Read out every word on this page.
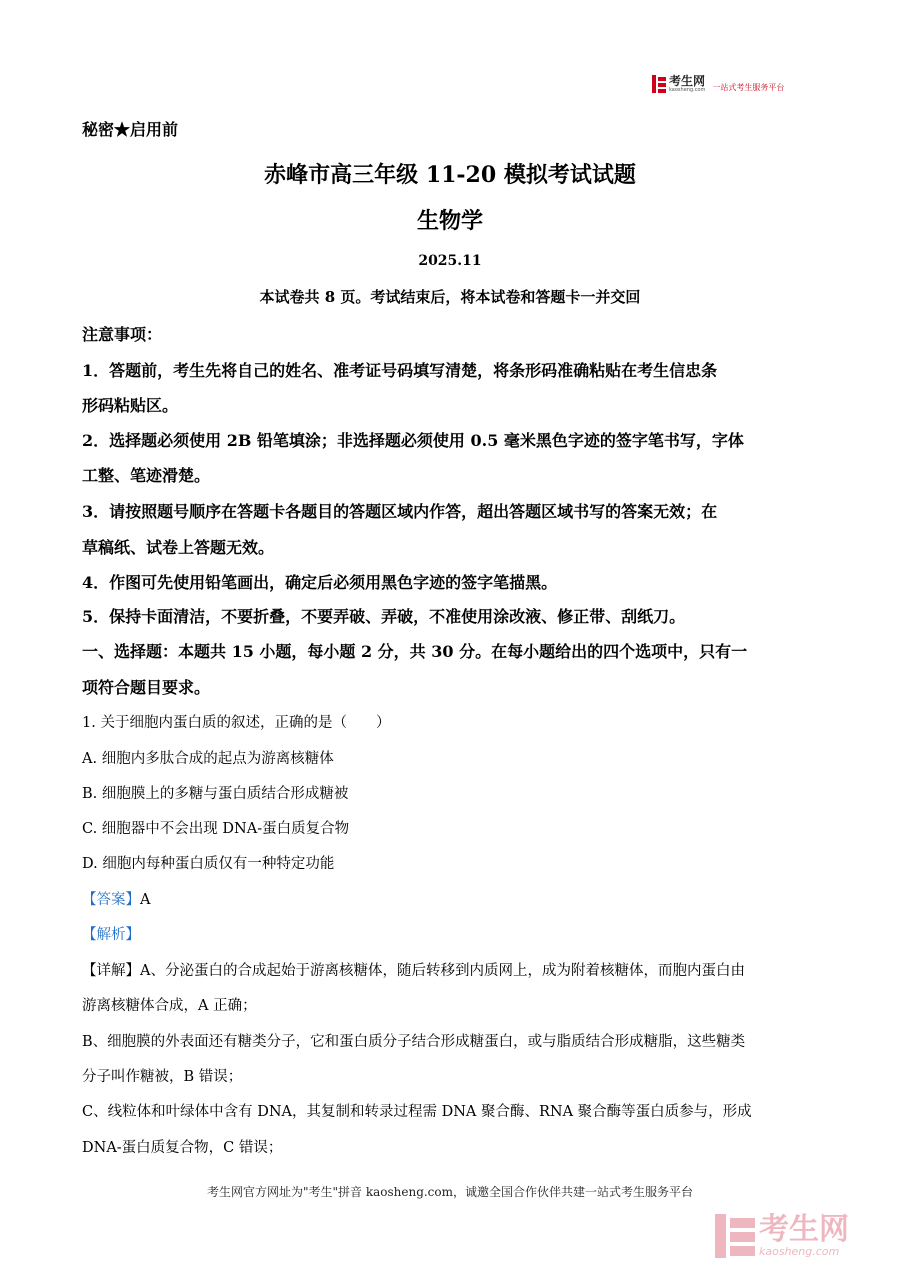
考生网
kaosheng.com 一站式考生服务平台
秘密★启用前
赤峰市高三年级 11-20 模拟考试试题
生物学
2025.11
本试卷共 8 页。考试结束后，将本试卷和答题卡一并交回
注意事项：
1．答题前，考生先将自己的姓名、准考证号码填写清楚，将条形码准确粘贴在考生信忠条
形码粘贴区。
2．选择题必须使用 2B 铅笔填涂；非选择题必须使用 0.5 毫米黑色字迹的签字笔书写，字体
工整、笔迹滑楚。
3．请按照题号顺序在答题卡各题目的答题区域内作答，超出答题区域书写的答案无效；在
草稿纸、试卷上答题无效。
4．作图可先使用铅笔画出，确定后必须用黑色字迹的签字笔描黑。
5．保持卡面清洁，不要折叠，不要弄破、弄破，不准使用涂改液、修正带、刮纸刀。
一、选择题：本题共 15 小题，每小题 2 分，共 30 分。在每小题给出的四个选项中，只有一
项符合题目要求。
1. 关于细胞内蛋白质的叙述，正确的是（　　）
A. 细胞内多肽合成的起点为游离核糖体
B. 细胞膜上的多糖与蛋白质结合形成糖被
C. 细胞器中不会出现 DNA-蛋白质复合物
D. 细胞内每种蛋白质仅有一种特定功能
【答案】A
【解析】
【详解】A、分泌蛋白的合成起始于游离核糖体，随后转移到内质网上，成为附着核糖体，而胞内蛋白由
游离核糖体合成，A 正确；
B、细胞膜的外表面还有糖类分子，它和蛋白质分子结合形成糖蛋白，或与脂质结合形成糖脂，这些糖类
分子叫作糖被，B 错误；
C、线粒体和叶绿体中含有 DNA，其复制和转录过程需 DNA 聚合酶、RNA 聚合酶等蛋白质参与，形成
DNA-蛋白质复合物，C 错误；
考生网官方网址为"考生"拼音 kaosheng.com，诚邀全国合作伙伴共建一站式考生服务平台
考生网
kaosheng.com
